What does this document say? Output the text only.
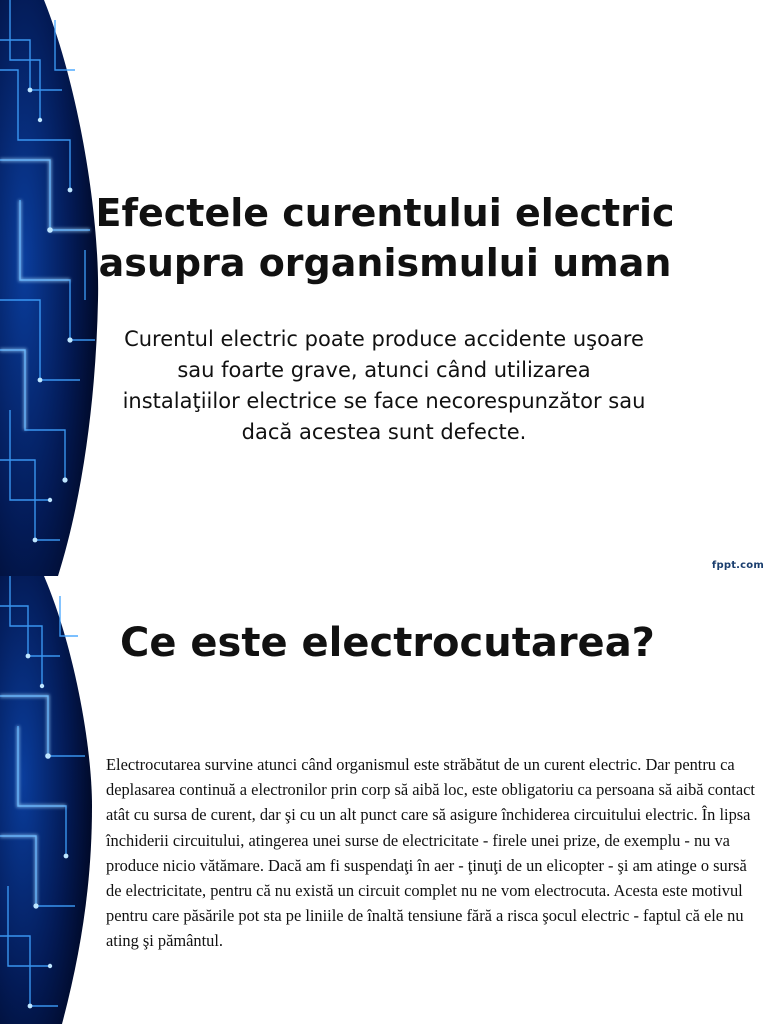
Efectele curentului electric
asupra organismului uman

Curentul electric poate produce accidente uşoare sau foarte grave, atunci când utilizarea instalaţiilor electrice se face necorespunzător sau dacă acestea sunt defecte.

fppt.com
Ce este electrocutarea?

Electrocutarea survine atunci când organismul este străbătut de un curent electric. Dar pentru ca deplasarea continuă a electronilor prin corp să aibă loc, este obligatoriu ca persoana să aibă contact atât cu sursa de curent, dar şi cu un alt punct care să asigure închiderea circuitului electric. În lipsa închiderii circuitului, atingerea unei surse de electricitate - firele unei prize, de exemplu - nu va produce nicio vătămare. Dacă am fi suspendaţi în aer - ţinuţi de un elicopter - şi am atinge o sursă de electricitate, pentru că nu există un circuit complet nu ne vom electrocuta. Acesta este motivul pentru care păsările pot sta pe liniile de înaltă tensiune fără a risca şocul electric - faptul că ele nu ating şi pământul.
